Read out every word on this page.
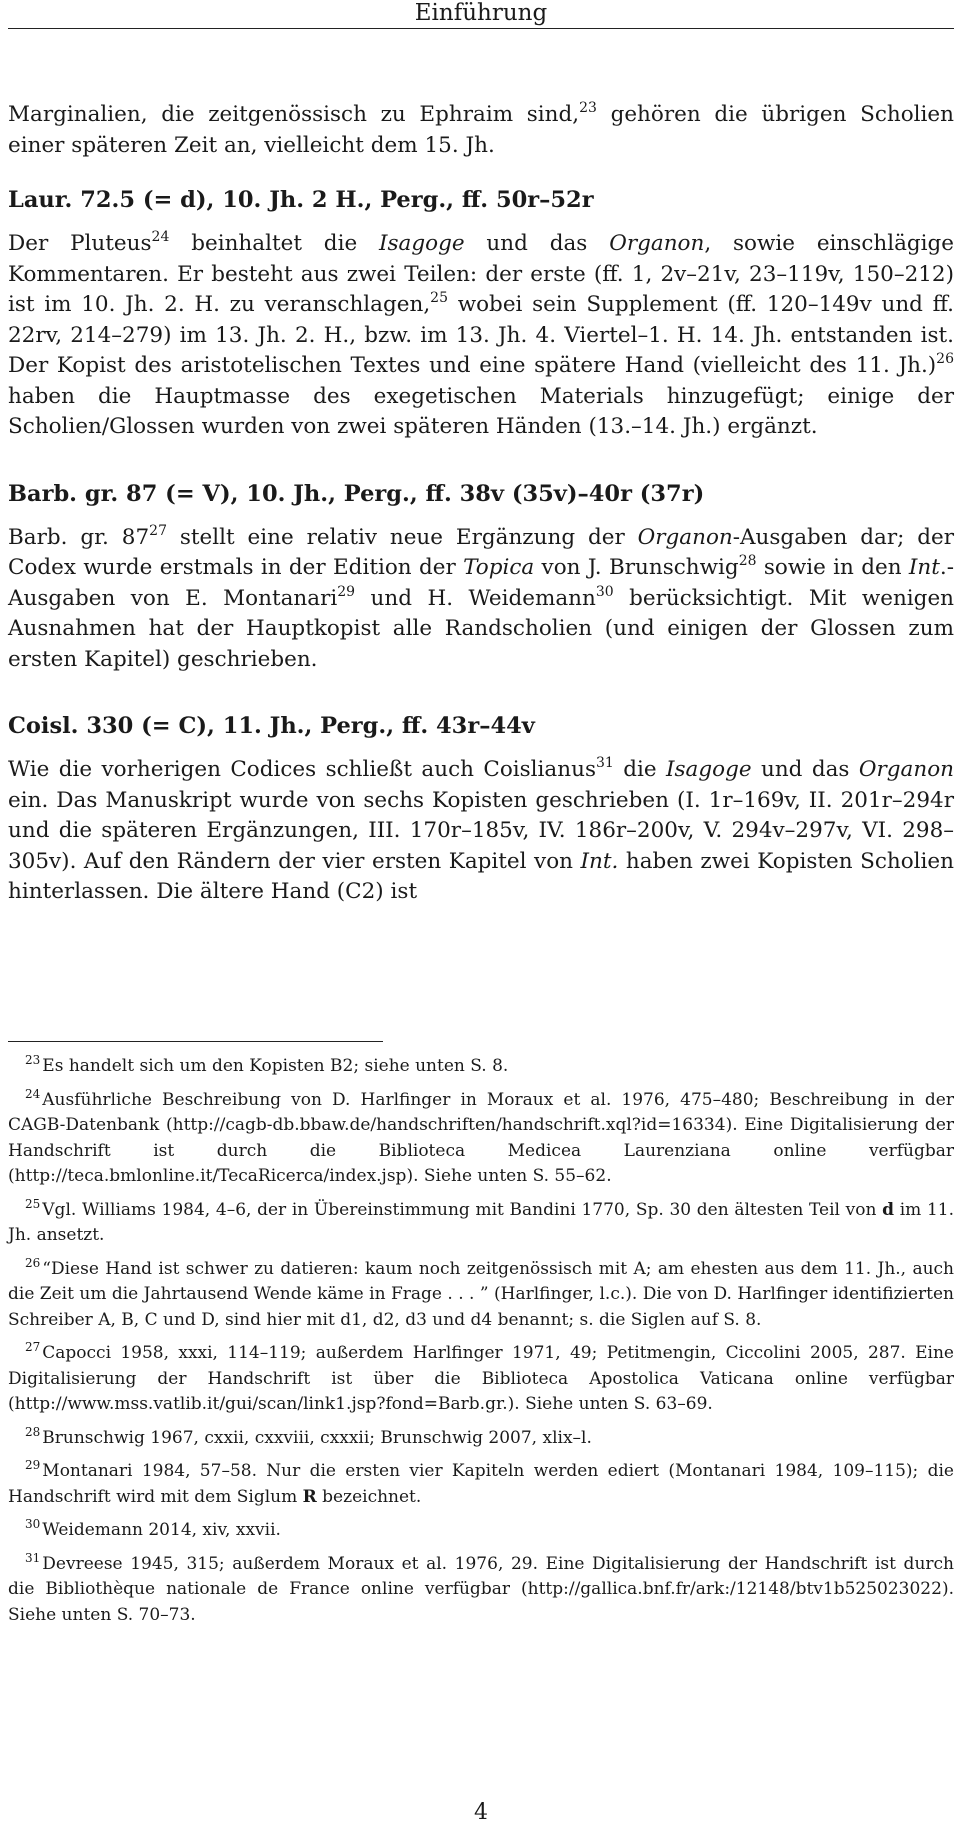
Einführung

Marginalien, die zeitgenössisch zu Ephraim sind,$^{23}$ gehören die übrigen Scholien einer späteren Zeit an, vielleicht dem 15. Jh.

Laur. 72.5 (= d), 10. Jh. 2 H., Perg., ff. 50r–52r

Der Pluteus$^{24}$ beinhaltet die Isagoge und das Organon, sowie einschlägige Kommentaren. Er besteht aus zwei Teilen: der erste (ff. 1, 2v–21v, 23–119v, 150–212) ist im 10. Jh. 2. H. zu veranschlagen,$^{25}$ wobei sein Supplement (ff. 120–149v und ff. 22rv, 214–279) im 13. Jh. 2. H., bzw. im 13. Jh. 4. Viertel–1. H. 14. Jh. entstanden ist. Der Kopist des aristotelischen Textes und eine spätere Hand (vielleicht des 11. Jh.)$^{26}$ haben die Hauptmasse des exegetischen Materials hinzugefügt; einige der Scholien/Glossen wurden von zwei späteren Händen (13.–14. Jh.) ergänzt.

Barb. gr. 87 (= V), 10. Jh., Perg., ff. 38v (35v)–40r (37r)

Barb. gr. $87^{27}$ stellt eine relativ neue Ergänzung der Organon-Ausgaben dar; der Codex wurde erstmals in der Edition der Topica von J. Brunschwig$^{28}$ sowie in den Int.-Ausgaben von E. Montanari$^{29}$ und H. Weidemann$^{30}$ berücksichtigt. Mit wenigen Ausnahmen hat der Hauptkopist alle Randscholien (und einigen der Glossen zum ersten Kapitel) geschrieben.

Coisl. 330 (= C), 11. Jh., Perg., ff. 43r–44v

Wie die vorherigen Codices schließt auch Coislianus$^{31}$ die Isagoge und das Organon ein. Das Manuskript wurde von sechs Kopisten geschrieben (I. 1r–169v, II. 201r–294r und die späteren Ergänzungen, III. 170r–185v, IV. 186r–200v, V. 294v–297v, VI. 298–305v). Auf den Rändern der vier ersten Kapitel von Int. haben zwei Kopisten Scholien hinterlassen. Die ältere Hand (C2) ist

$^{23}$ Es handelt sich um den Kopisten B2; siehe unten S. 8.

$^{24}$ Ausführliche Beschreibung von D. Harlfinger in Moraux et al. 1976, 475–480; Beschreibung in der CAGB-Datenbank (http://cagb-db.bbaw.de/handschriften/handschrift.xql?id=16334). Eine Digitalisierung der Handschrift ist durch die Biblioteca Medicea Laurenziana online verfügbar (http://teca.bmlonline.it/TecaRicerca/index.jsp). Siehe unten S. 55–62.

$^{25}$ Vgl. Williams 1984, 4–6, der in Übereinstimmung mit Bandini 1770, Sp. 30 den ältesten Teil von d im 11. Jh. ansetzt.

$^{26}$ “Diese Hand ist schwer zu datieren: kaum noch zeitgenössisch mit A; am ehesten aus dem 11. Jh., auch die Zeit um die Jahrtausend Wende käme in Frage . . . ” (Harlfinger, l.c.). Die von D. Harlfinger identifizierten Schreiber A, B, C und D, sind hier mit d1, d2, d3 und d4 benannt; s. die Siglen auf S. 8.

$^{27}$ Capocci 1958, xxxi, 114–119; außerdem Harlfinger 1971, 49; Petitmengin, Ciccolini 2005, 287. Eine Digitalisierung der Handschrift ist über die Biblioteca Apostolica Vaticana online verfügbar (http://www.mss.vatlib.it/gui/scan/link1.jsp?fond=Barb.gr.). Siehe unten S. 63–69.

$^{28}$ Brunschwig 1967, cxxii, cxxviii, cxxxii; Brunschwig 2007, xlix–l.

$^{29}$ Montanari 1984, 57–58. Nur die ersten vier Kapiteln werden ediert (Montanari 1984, 109–115); die Handschrift wird mit dem Siglum R bezeichnet.

$^{30}$ Weidemann 2014, xiv, xxvii.

$^{31}$ Devreese 1945, 315; außerdem Moraux et al. 1976, 29. Eine Digitalisierung der Handschrift ist durch die Bibliothèque nationale de France online verfügbar (http://gallica.bnf.fr/ark:/12148/btv1b525023022). Siehe unten S. 70–73.

4
